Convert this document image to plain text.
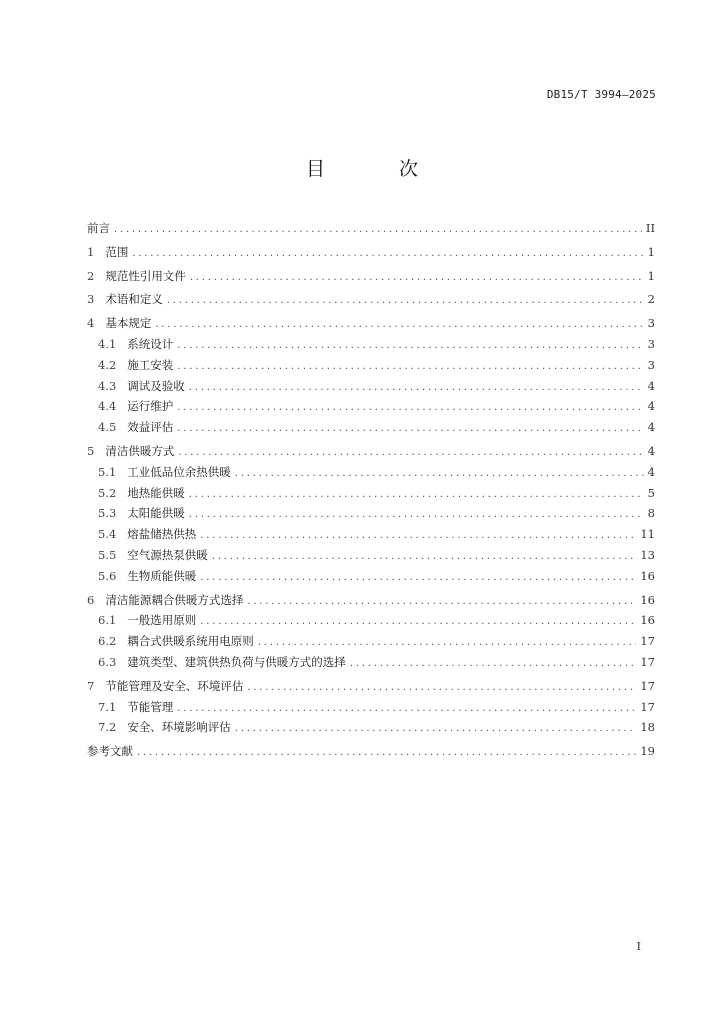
DB15/T 3994—2025
目 次
前言 .....	II
1 范围 .....	1
2 规范性引用文件 .....	1
3 术语和定义 .....	2
4 基本规定 .....	3
4.1 系统设计 .....	3
4.2 施工安装 .....	3
4.3 调试及验收 .....	4
4.4 运行维护 .....	4
4.5 效益评估 .....	4
5 清洁供暖方式 .....	4
5.1 工业低品位余热供暖 .....	4
5.2 地热能供暖 .....	5
5.3 太阳能供暖 .....	8
5.4 熔盐储热供热 .....	11
5.5 空气源热泵供暖 .....	13
5.6 生物质能供暖 .....	16
6 清洁能源耦合供暖方式选择 .....	16
6.1 一般选用原则 .....	16
6.2 耦合式供暖系统用电原则 .....	17
6.3 建筑类型、建筑供热负荷与供暖方式的选择 .....	17
7 节能管理及安全、环境评估 .....	17
7.1 节能管理 .....	17
7.2 安全、环境影响评估 .....	18
参考文献 .....	19
I
